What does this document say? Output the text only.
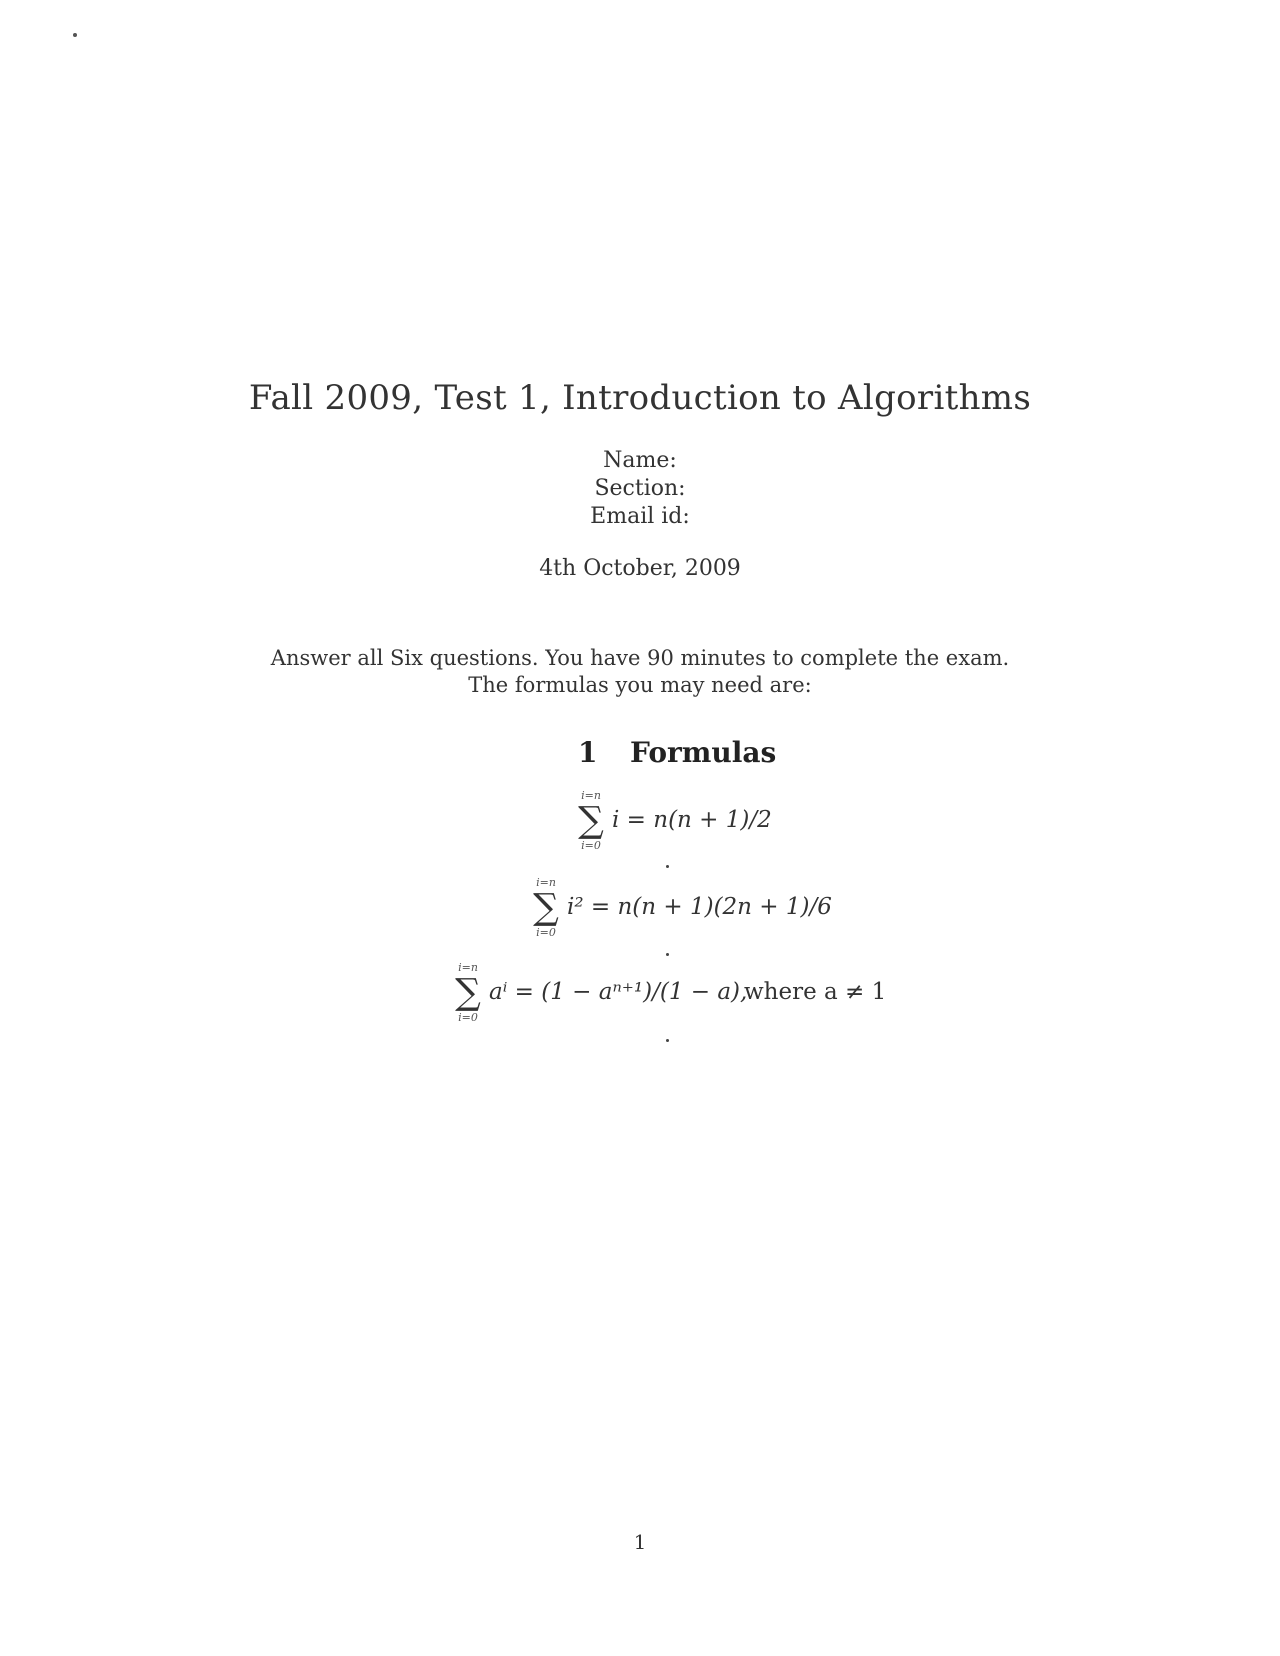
Fall 2009, Test 1, Introduction to Algorithms
Name:
Section:
Email id:
4th October, 2009
Answer all Six questions. You have 90 minutes to complete the exam.
The formulas you may need are:
1 Formulas
i=n
∑
i=0
i = n(n + 1)/2
i=n
∑
i=0
i² = n(n + 1)(2n + 1)/6
i=n
∑
i=0
aⁱ = (1 − aⁿ⁺¹)/(1 − a),
where a ≠ 1
1
